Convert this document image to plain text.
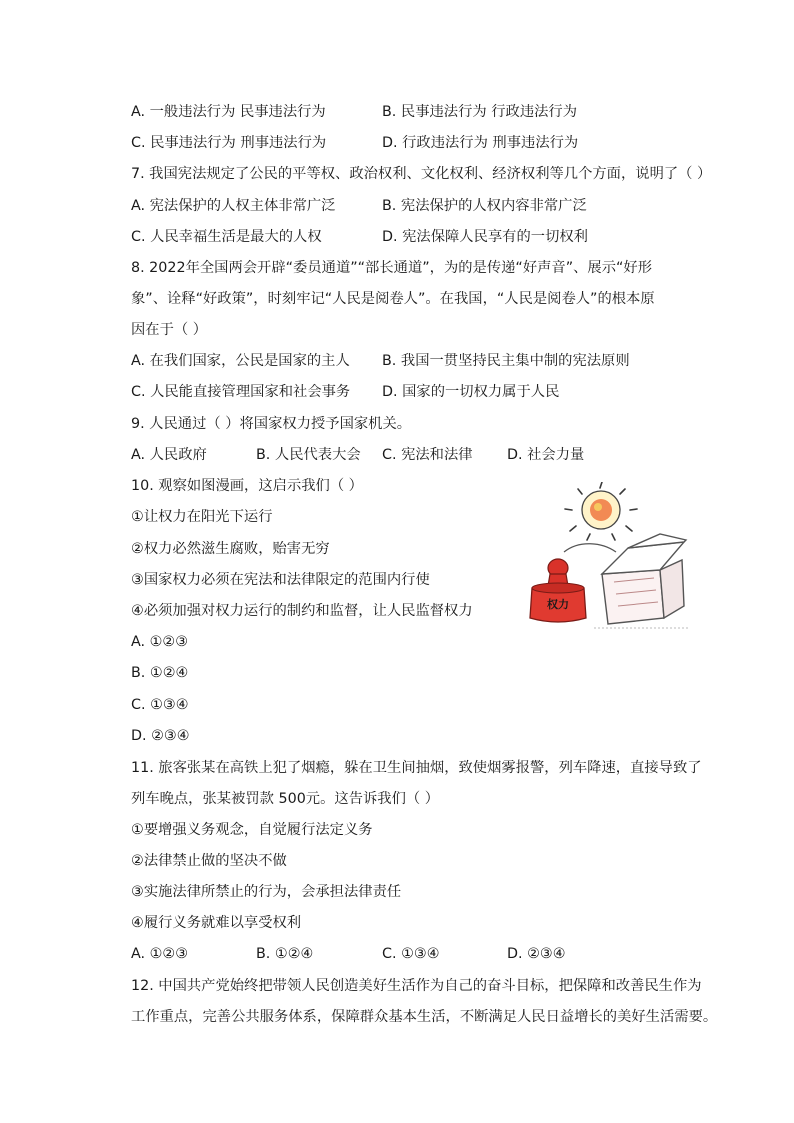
A. 一般违法行为 民事违法行为	B. 民事违法行为 行政违法行为
C. 民事违法行为 刑事违法行为	D. 行政违法行为 刑事违法行为
7. 我国宪法规定了公民的平等权、政治权利、文化权利、经济权利等几个方面，说明了（ ）
A. 宪法保护的人权主体非常广泛	B. 宪法保护的人权内容非常广泛
C. 人民幸福生活是最大的人权	D. 宪法保障人民享有的一切权利
8. 2022年全国两会开辟“委员通道”“部长通道”，为的是传递“好声音”、展示“好形
象”、诠释“好政策”，时刻牢记“人民是阅卷人”。在我国，“人民是阅卷人”的根本原
因在于（ ）
A. 在我们国家，公民是国家的主人 B. 我国一贯坚持民主集中制的宪法原则
C. 人民能直接管理国家和社会事务 D. 国家的一切权力属于人民
9. 人民通过（ ）将国家权力授予国家机关。
A. 人民政府	B. 人民代表大会 C. 宪法和法律 D. 社会力量
10. 观察如图漫画，这启示我们（ ）
①让权力在阳光下运行
②权力必然滋生腐败，贻害无穷
③国家权力必须在宪法和法律限定的范围内行使
④必须加强对权力运行的制约和监督，让人民监督权力
A. ①②③
B. ①②④
C. ①③④
D. ②③④
权力
11. 旅客张某在高铁上犯了烟瘾，躲在卫生间抽烟，致使烟雾报警，列车降速，直接导致了
列车晚点，张某被罚款 500元。这告诉我们（ ）
①要增强义务观念，自觉履行法定义务
②法律禁止做的坚决不做
③实施法律所禁止的行为，会承担法律责任
④履行义务就难以享受权利
A. ①②③	B. ①②④	C. ①③④	D. ②③④
12. 中国共产党始终把带领人民创造美好生活作为自己的奋斗目标，把保障和改善民生作为
工作重点，完善公共服务体系，保障群众基本生活，不断满足人民日益增长的美好生活需要。
